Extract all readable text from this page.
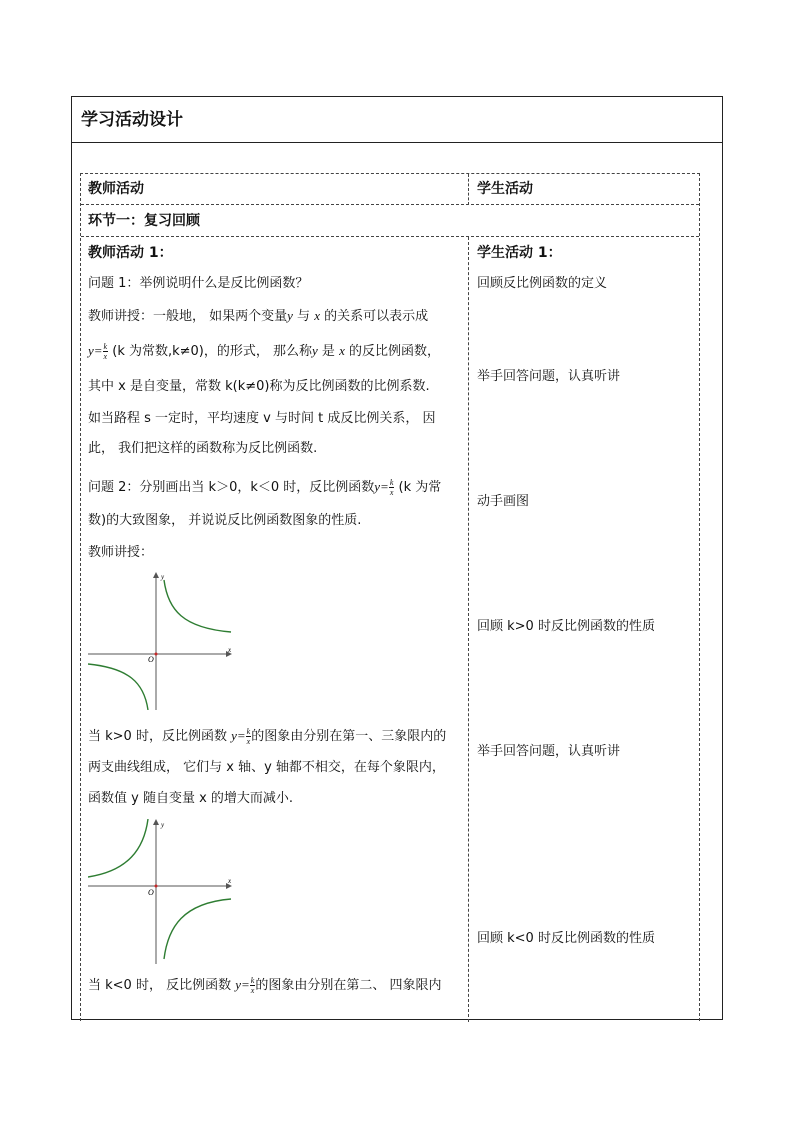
学习活动设计
教师活动	学生活动
环节一：复习回顾
教师活动 1：
问题 1：举例说明什么是反比例函数？
教师讲授：一般地， 如果两个变量y 与 x 的关系可以表示成
$y= \frac{k}{x} (k$ 为常数,k≠0)，的形式， 那么称y 是 x 的反比例函数，
其中 x 是自变量，常数 k(k≠0)称为反比例函数的比例系数.
如当路程 s 一定时，平均速度 v 与时间 t 成反比例关系， 因
此， 我们把这样的函数称为反比例函数.
问题 2：分别画出当 k＞0，k＜0 时，反比例函数$y= \frac{k}{x} (k$ 为常
数)的大致图象， 并说说反比例函数图象的性质.
教师讲授：
x
y
O
当 k>0 时，反比例函数 $y= \frac{k}{x}$ 的图象由分别在第一、三象限内的
两支曲线组成， 它们与 x 轴、y 轴都不相交，在每个象限内，
函数值 y 随自变量 x 的增大而减小.
x
y
O
当 k<0 时， 反比例函数 $y= \frac{k}{x}$ 的图象由分别在第二、 四象限内
学生活动 1：
回顾反比例函数的定义
举手回答问题，认真听讲
动手画图
回顾 k>0 时反比例函数的性质
举手回答问题，认真听讲
回顾 k<0 时反比例函数的性质
